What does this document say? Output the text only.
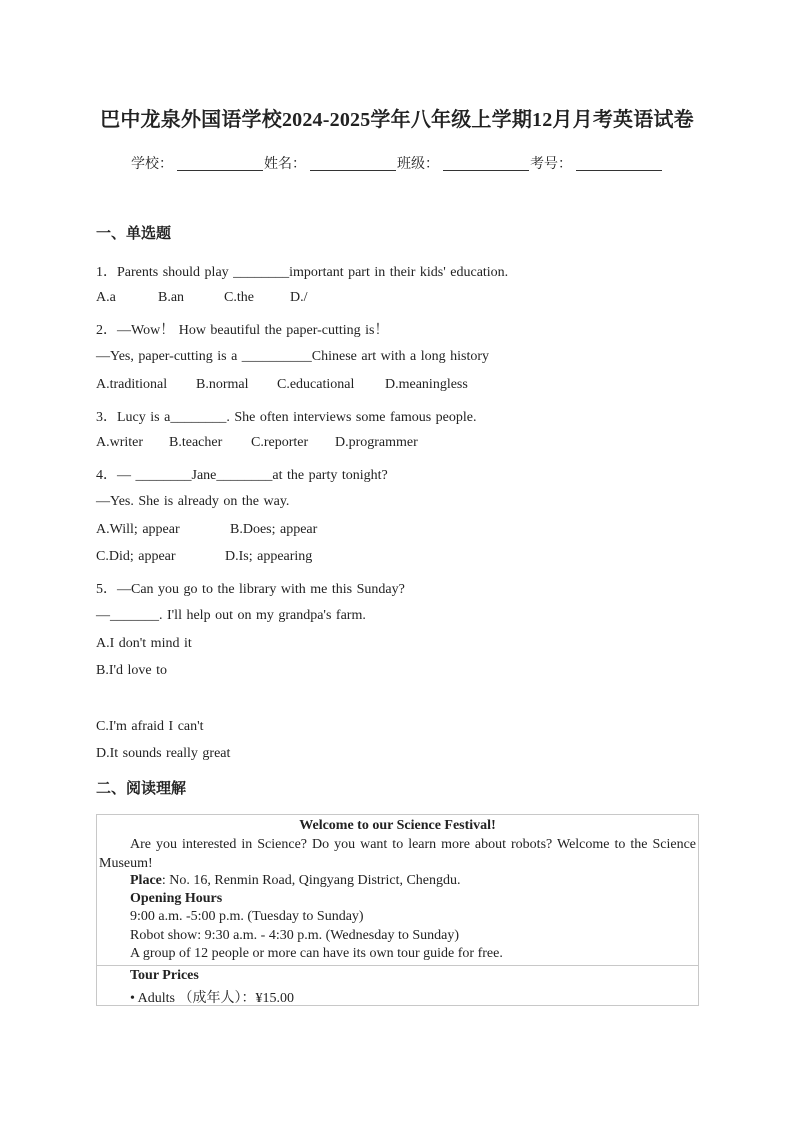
巴中龙泉外国语学校2024-2025学年八年级上学期12月月考英语试卷
学校：	姓名：	班级：	考号：
一、单选题
1．Parents should play ________important part in their kids' education.
A.a	B.an	C.the	D./
2．—Wow！ How beautiful the paper-cutting is！
—Yes, paper-cutting is a __________Chinese art with a long history
A.traditional B.normal C.educational D.meaningless
3．Lucy is a________. She often interviews some famous people.
A.writer B.teacher C.reporter D.programmer
4．— ________Jane________at the party tonight?
—Yes. She is already on the way.
A.Will; appear	B.Does; appear
C.Did; appear	D.Is; appearing
5．—Can you go to the library with me this Sunday?
—_______. I'll help out on my grandpa's farm.
A.I don't mind it
B.I'd love to
C.I'm afraid I can't
D.It sounds really great
二、阅读理解
Welcome to our Science Festival!
Are you interested in Science? Do you want to learn more about robots? Welcome to the Science Museum!
Place: No. 16, Renmin Road, Qingyang District, Chengdu.
Opening Hours
9:00 a.m. -5:00 p.m. (Tuesday to Sunday)
Robot show: 9:30 a.m. - 4:30 p.m. (Wednesday to Sunday)
A group of 12 people or more can have its own tour guide for free.
Tour Prices
• Adults （成年人）：¥15.00
